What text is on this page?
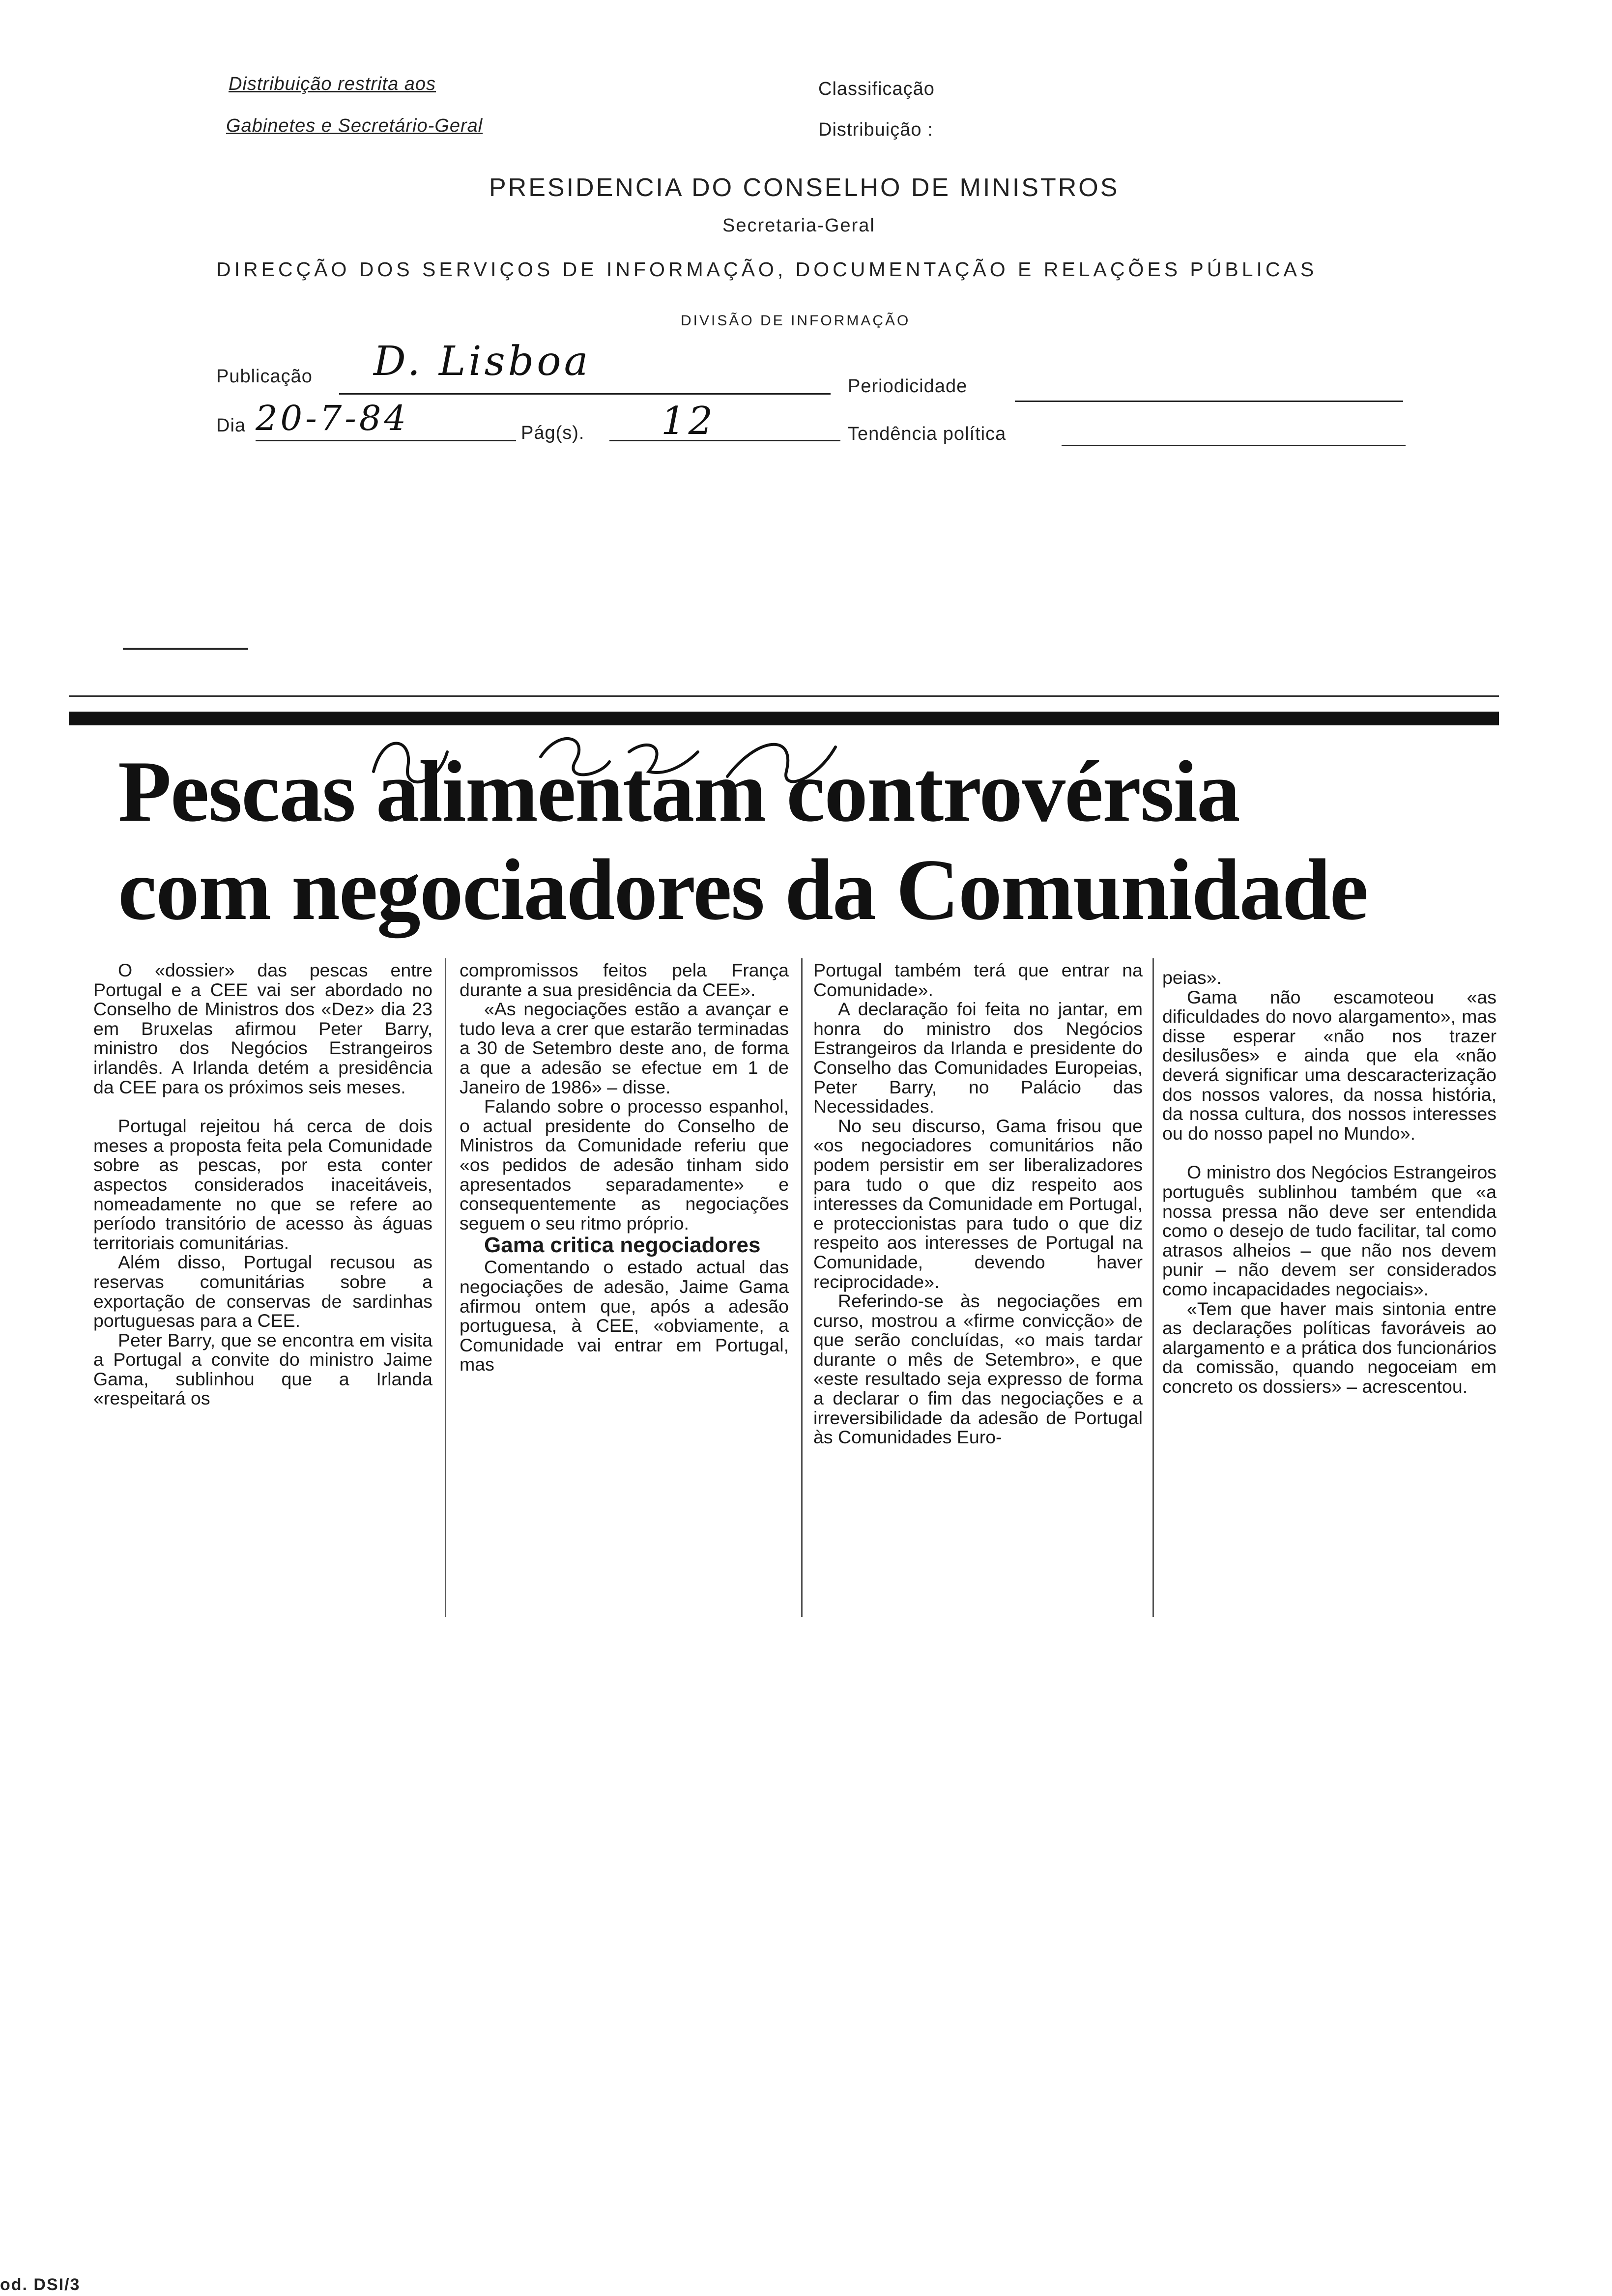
Distribuição restrita aos
Gabinetes e Secretário-Geral
Classificação
Distribuição :
PRESIDENCIA DO CONSELHO DE MINISTROS
Secretaria-Geral
DIRECÇÃO DOS SERVIÇOS DE INFORMAÇÃO, DOCUMENTAÇÃO E RELAÇÕES PÚBLICAS
DIVISÃO DE INFORMAÇÃO
Publicação D. Lisboa
Periodicidade
Dia 20-7-84	Pág(s). 12	Tendência política
Pescas alimentam controvérsia
com negociadores da Comunidade

O «dossier» das pescas entre Portugal e a CEE vai ser abordado no Conselho de Ministros dos «Dez» dia 23 em Bruxelas afirmou Peter Barry, ministro dos Negócios Estrangeiros irlandês. A Irlanda detém a presidência da CEE para os próximos seis meses.

Portugal rejeitou há cerca de dois meses a proposta feita pela Comunidade sobre as pescas, por esta conter aspectos considerados inaceitáveis, nomeadamente no que se refere ao período transitório de acesso às águas territoriais comunitárias.

Além disso, Portugal recusou as reservas comunitárias sobre a exportação de conservas de sardinhas portuguesas para a CEE.

Peter Barry, que se encontra em visita a Portugal a convite do ministro Jaime Gama, sublinhou que a Irlanda «respeitará os

compromissos feitos pela França durante a sua presidência da CEE».

«As negociações estão a avançar e tudo leva a crer que estarão terminadas a 30 de Setembro deste ano, de forma a que a adesão se efectue em 1 de Janeiro de 1986» – disse.

Falando sobre o processo espanhol, o actual presidente do Conselho de Ministros da Comunidade referiu que «os pedidos de adesão tinham sido apresentados separadamente» e consequentemente as negociações seguem o seu ritmo próprio.

Gama critica negociadores

Comentando o estado actual das negociações de adesão, Jaime Gama afirmou ontem que, após a adesão portuguesa, à CEE, «obviamente, a Comunidade vai entrar em Portugal, mas

Portugal também terá que entrar na Comunidade».

A declaração foi feita no jantar, em honra do ministro dos Negócios Estrangeiros da Irlanda e presidente do Conselho das Comunidades Europeias, Peter Barry, no Palácio das Necessidades.

No seu discurso, Gama frisou que «os negociadores comunitários não podem persistir em ser liberalizadores para tudo o que diz respeito aos interesses da Comunidade em Portugal, e proteccionistas para tudo o que diz respeito aos interesses de Portugal na Comunidade, devendo haver reciprocidade».

Referindo-se às negociações em curso, mostrou a «firme convicção» de que serão concluídas, «o mais tardar durante o mês de Setembro», e que «este resultado seja expresso de forma a declarar o fim das negociações e a irreversibilidade da adesão de Portugal às Comunidades Euro-

peias».

Gama não escamoteou «as dificuldades do novo alargamento», mas disse esperar «não nos trazer desilusões» e ainda que ela «não deverá significar uma descaracterização dos nossos valores, da nossa história, da nossa cultura, dos nossos interesses ou do nosso papel no Mundo».

O ministro dos Negócios Estrangeiros português sublinhou também que «a nossa pressa não deve ser entendida como o desejo de tudo facilitar, tal como atrasos alheios – que não nos devem punir – não devem ser considerados como incapacidades negociais».

«Tem que haver mais sintonia entre as declarações políticas favoráveis ao alargamento e a prática dos funcionários da comissão, quando negoceiam em concreto os dossiers» – acrescentou.

od. DSI/3
